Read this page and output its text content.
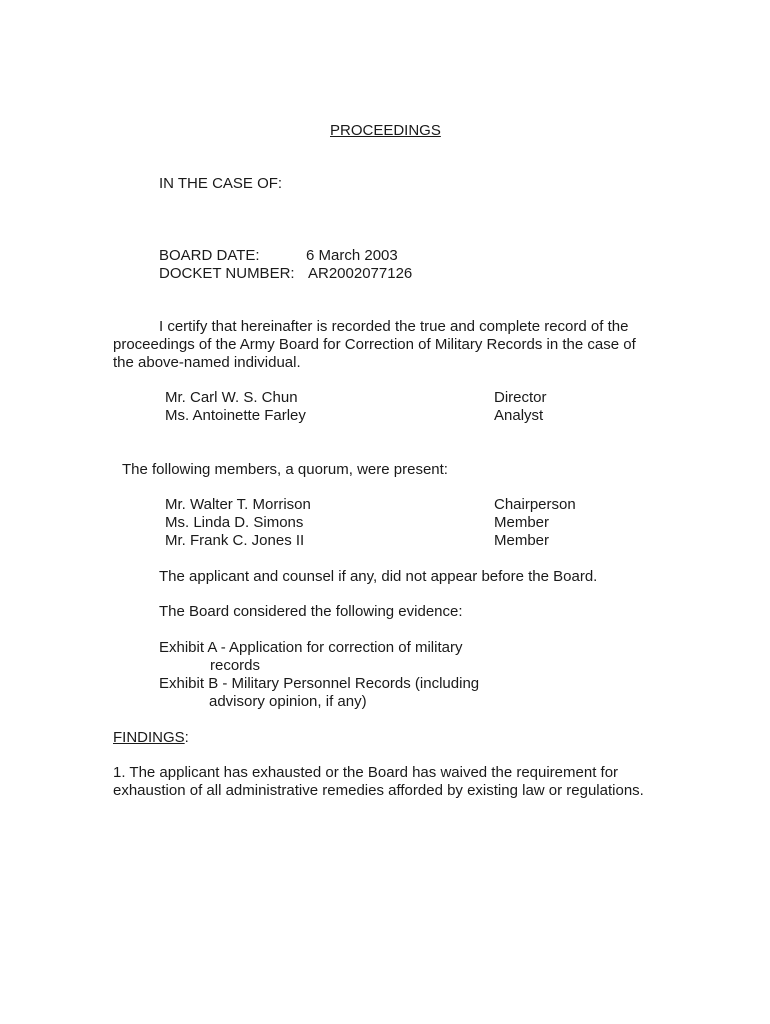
PROCEEDINGS
IN THE CASE OF:
BOARD DATE:	6 March 2003
DOCKET NUMBER: AR2002077126
I certify that hereinafter is recorded the true and complete record of the proceedings of the Army Board for Correction of Military Records in the case of the above-named individual.
Mr. Carl W. S. Chun	Director
Ms. Antoinette Farley	Analyst
The following members, a quorum, were present:
Mr. Walter T. Morrison	Chairperson
Ms. Linda D. Simons	Member
Mr. Frank C. Jones II	Member
The applicant and counsel if any, did not appear before the Board.
The Board considered the following evidence:
Exhibit A - Application for correction of military
records
Exhibit B - Military Personnel Records (including
advisory opinion, if any)
FINDINGS:
1. The applicant has exhausted or the Board has waived the requirement for exhaustion of all administrative remedies afforded by existing law or regulations.
